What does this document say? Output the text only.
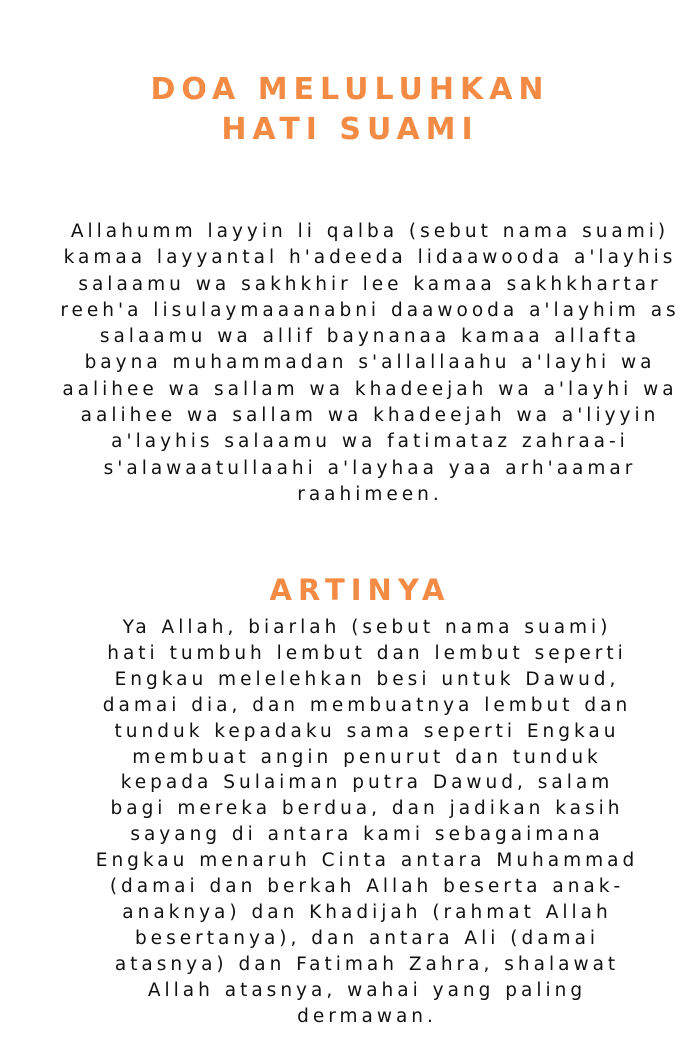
DOA MELULUHKAN
HATI SUAMI

Allahumm layyin li qalba (sebut nama suami) kamaa layyantal h'adeeda lidaawooda a'layhis salaamu wa sakhkhir lee kamaa sakhkhartar reeh'a lisulaymaaanabni daawooda a'layhim as salaamu wa allif baynanaa kamaa allafta bayna muhammadan s'allallaahu a'layhi wa aalihee wa sallam wa khadeejah wa a'layhi wa aalihee wa sallam wa khadeejah wa a'liyyin a'layhis salaamu wa fatimataz zahraa-i s'alawaatullaahi a'layhaa yaa arh'aamar raahimeen.

ARTINYA

Ya Allah, biarlah (sebut nama suami) hati tumbuh lembut dan lembut seperti Engkau melelehkan besi untuk Dawud, damai dia, dan membuatnya lembut dan tunduk kepadaku sama seperti Engkau membuat angin penurut dan tunduk kepada Sulaiman putra Dawud, salam bagi mereka berdua, dan jadikan kasih sayang di antara kami sebagaimana Engkau menaruh Cinta antara Muhammad (damai dan berkah Allah beserta anak-anaknya) dan Khadijah (rahmat Allah besertanya), dan antara Ali (damai atasnya) dan Fatimah Zahra, shalawat Allah atasnya, wahai yang paling dermawan.
